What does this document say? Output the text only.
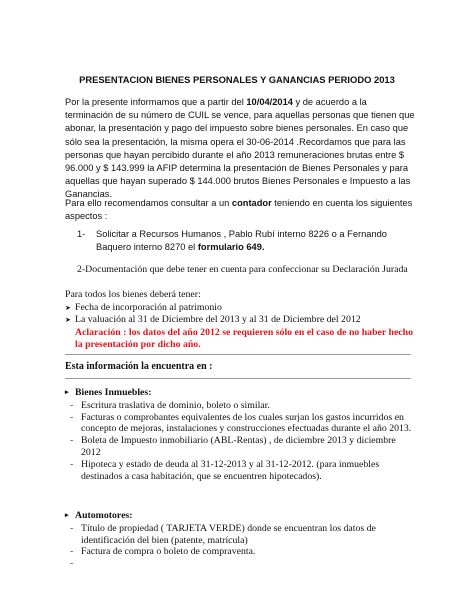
PRESENTACION BIENES PERSONALES Y GANANCIAS PERIODO 2013

Por la presente informamos que a partir del 10/04/2014 y de acuerdo a la terminación de su número de CUIL se vence, para aquellas personas que tienen que abonar, la presentación y pago del impuesto sobre bienes personales. En caso que sólo sea la presentación, la misma opera el 30-06-2014 .Recordamos que para las personas que hayan percibido durante el año 2013 remuneraciones brutas entre $ 96.000 y $ 143.999 la AFIP determina la presentación de Bienes Personales y para aquellas que hayan superado $ 144.000 brutos Bienes Personales e Impuesto a las Ganancias.

Para ello recomendamos consultar a un contador teniendo en cuenta los siguientes aspectos :

1- Solicitar a Recursos Humanos , Pablo Rubí interno 8226 o a Fernando Baquero interno 8270 el formulario 649.

2-Documentación que debe tener en cuenta para confeccionar su Declaración Jurada

Para todos los bienes deberá tener:
➤ Fecha de incorporación al patrimonio
➤ La valuación al 31 de Diciembre del 2013 y al 31 de Diciembre del 2012
Aclaración : los datos del año 2012 se requieren sólo en el caso de no haber hecho la presentación por dicho año.

Esta información la encuentra en :

▸ Bienes Inmuebles:
- Escritura traslativa de dominio, boleto o similar.
- Facturas o comprobantes equivalentes de los cuales surjan los gastos incurridos en concepto de mejoras, instalaciones y construcciones efectuadas durante el año 2013.
- Boleta de Impuesto inmobiliario (ABL-Rentas) , de diciembre 2013 y diciembre 2012
- Hipoteca y estado de deuda al 31-12-2013 y al 31-12-2012. (para inmuebles destinados a casa habitación, que se encuentren hipotecados).
▸ Automotores:
- Título de propiedad ( TARJETA VERDE) donde se encuentran los datos de identificación del bien (patente, matrícula)
- Factura de compra o boleto de compraventa.
-
